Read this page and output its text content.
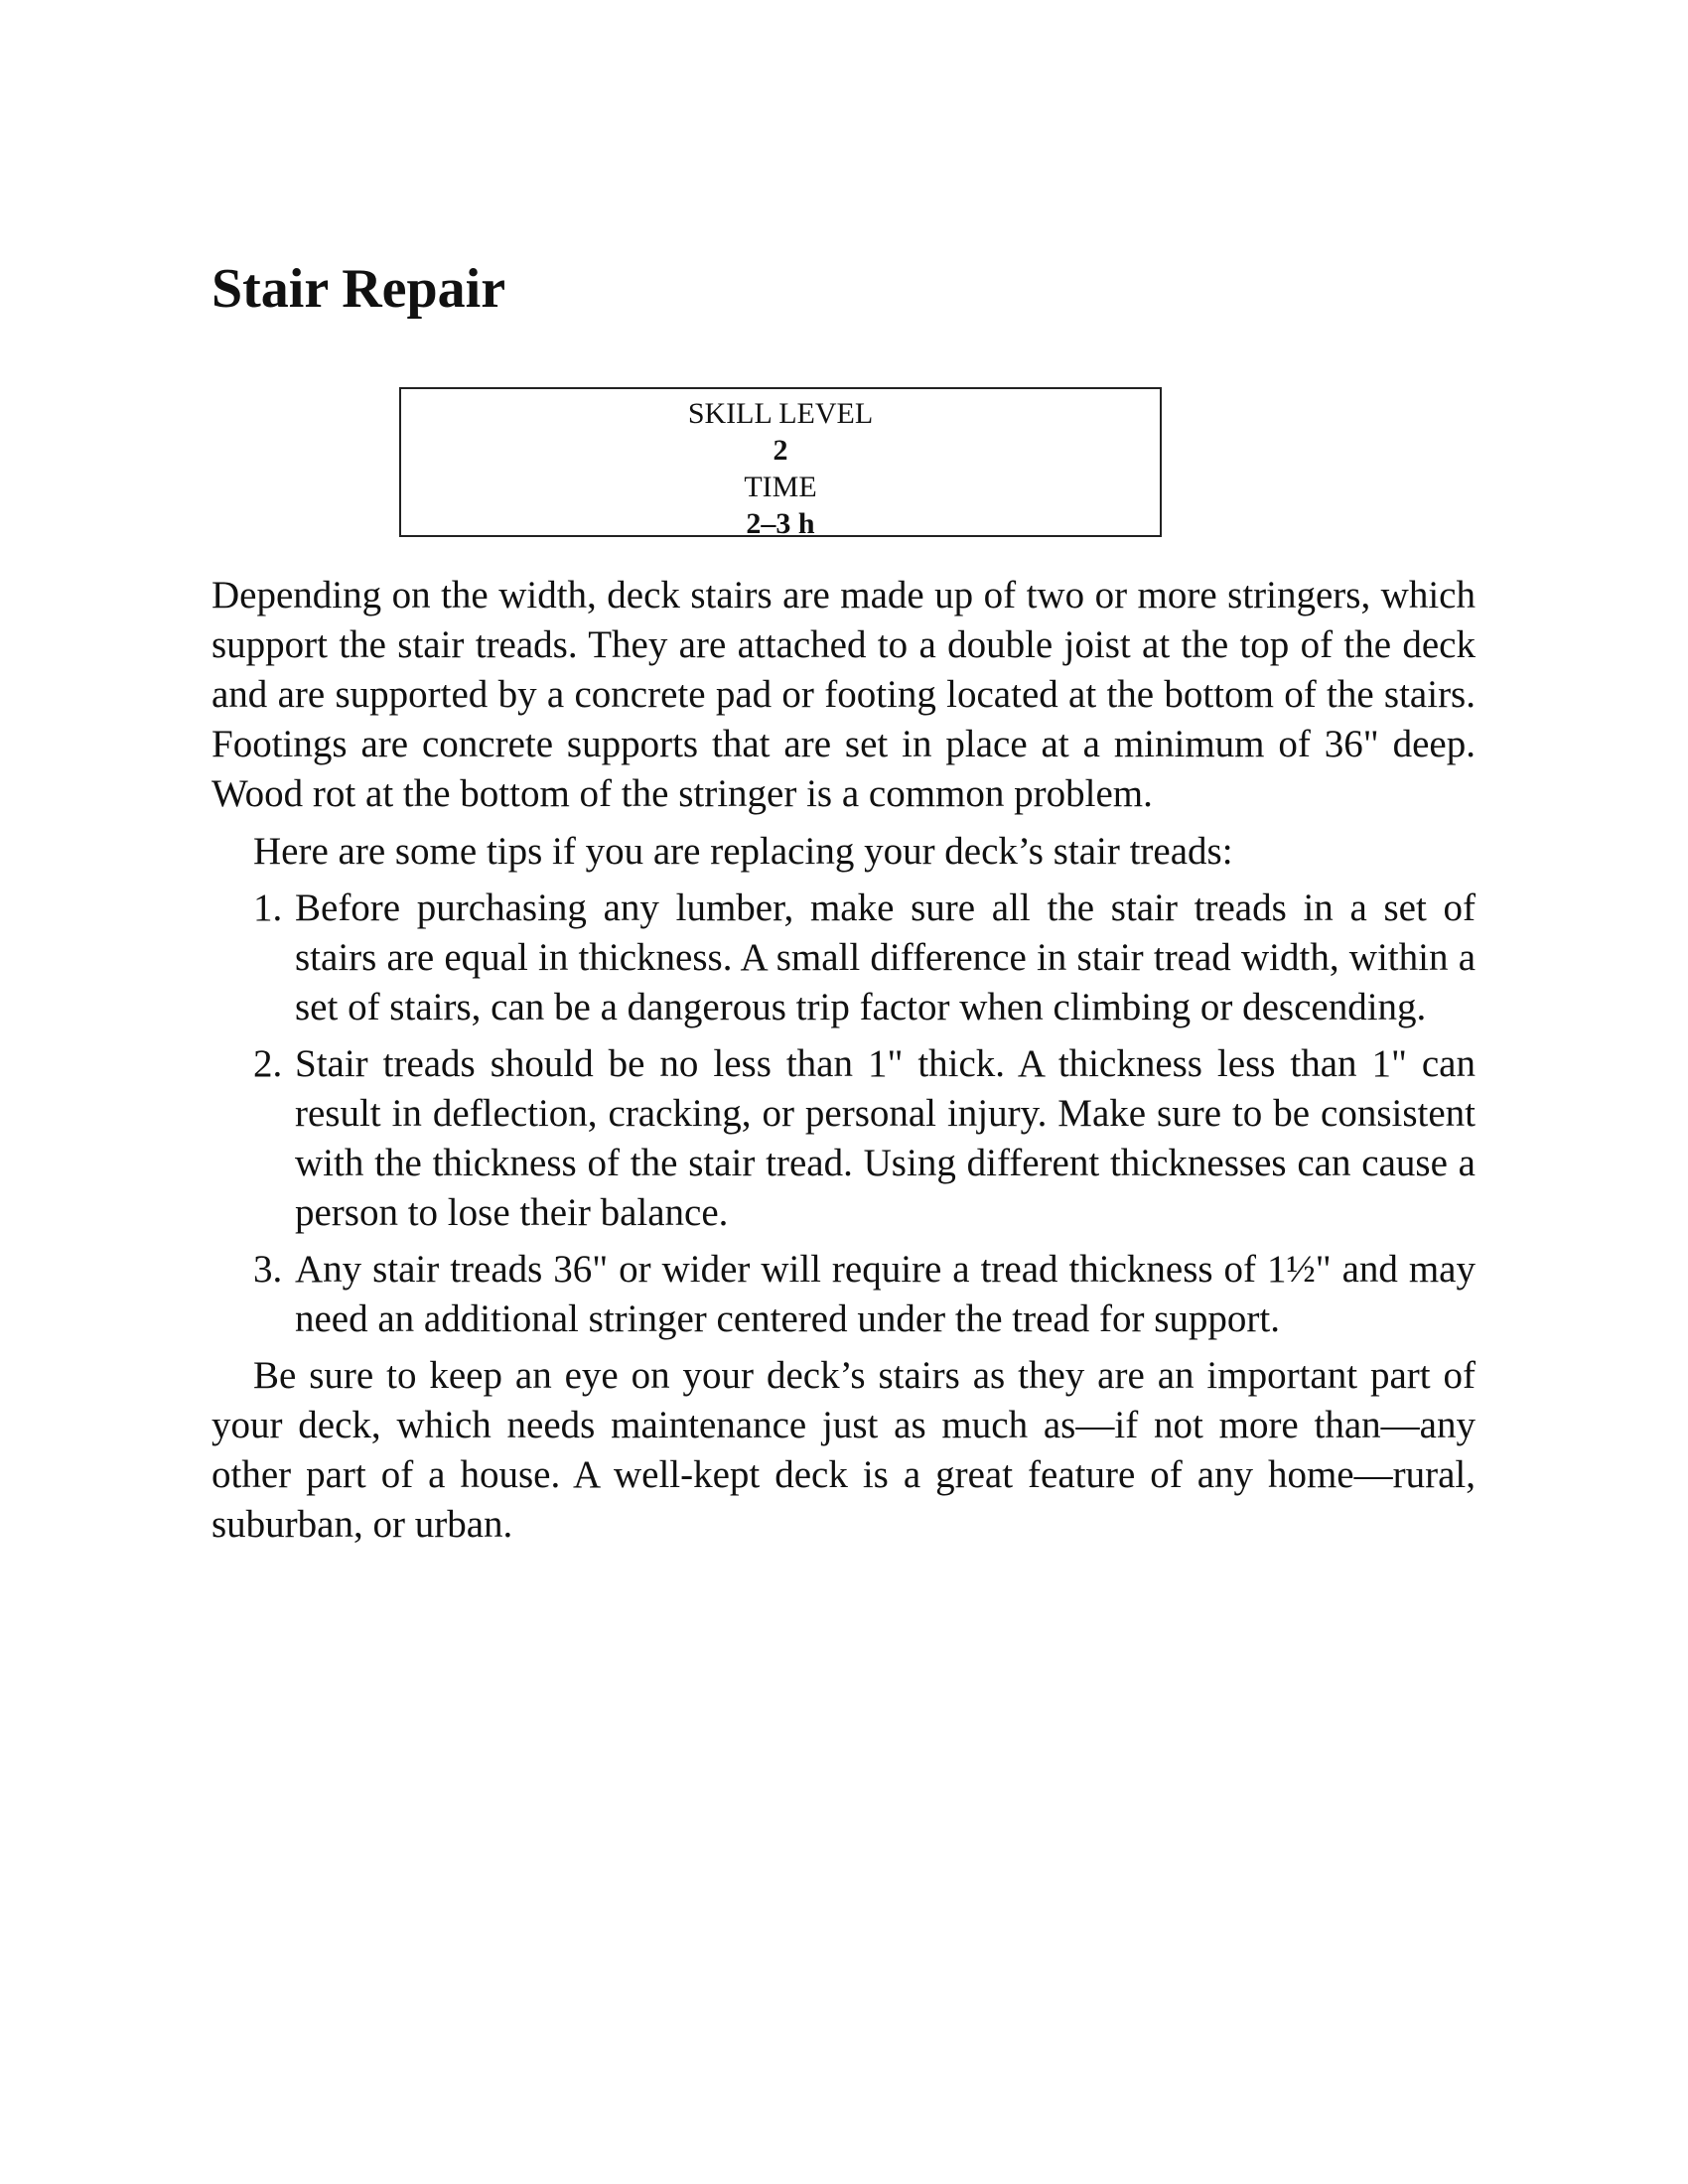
Stair Repair
SKILL LEVEL
2
TIME
2–3 h

Depending on the width, deck stairs are made up of two or more stringers, which support the stair treads. They are attached to a double joist at the top of the deck and are supported by a concrete pad or footing located at the bottom of the stairs. Footings are concrete supports that are set in place at a minimum of 36" deep. Wood rot at the bottom of the stringer is a common problem.

Here are some tips if you are replacing your deck’s stair treads:

1. Before purchasing any lumber, make sure all the stair treads in a set of stairs are equal in thickness. A small difference in stair tread width, within a set of stairs, can be a dangerous trip factor when climbing or descending.
2. Stair treads should be no less than 1" thick. A thickness less than 1" can result in deflection, cracking, or personal injury. Make sure to be consistent with the thickness of the stair tread. Using different thicknesses can cause a person to lose their balance.
3. Any stair treads 36" or wider will require a tread thickness of 1½" and may need an additional stringer centered under the tread for support.

Be sure to keep an eye on your deck’s stairs as they are an important part of your deck, which needs maintenance just as much as—if not more than—any other part of a house. A well-kept deck is a great feature of any home—rural, suburban, or urban.
